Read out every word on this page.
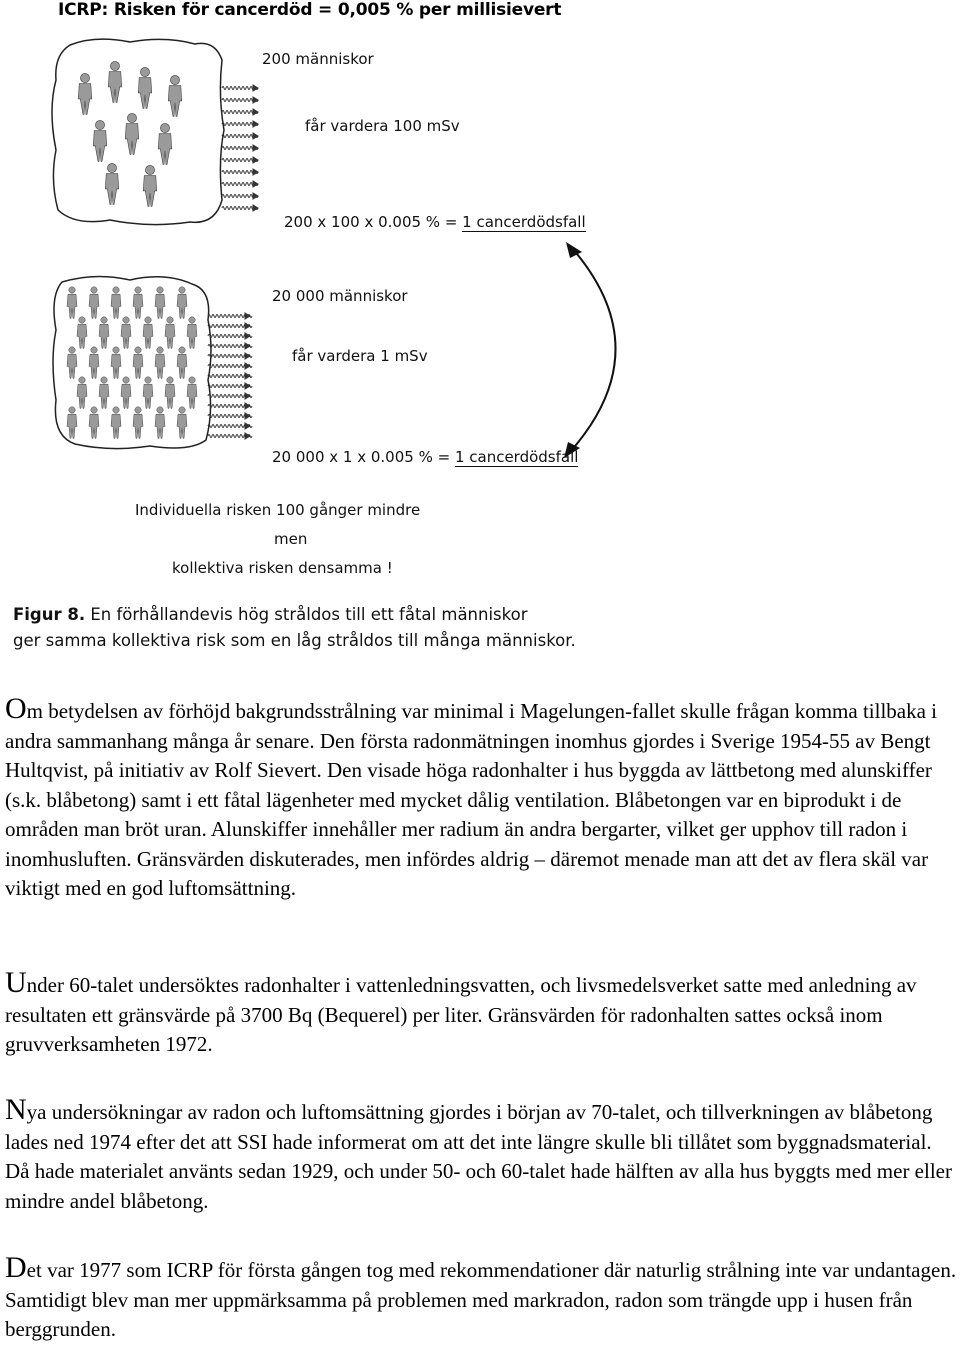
ICRP: Risken för cancerdöd = 0,005 % per millisievert
200 människor
får vardera 100 mSv
200 x 100 x 0.005 % = 1 cancerdödsfall
20 000 människor
får vardera 1 mSv
20 000 x 1 x 0.005 % = 1 cancerdödsfall
Individuella risken 100 gånger mindre
men
kollektiva risken densamma !
Figur 8. En förhållandevis hög stråldos till ett fåtal människor
ger samma kollektiva risk som en låg stråldos till många människor.

Om betydelsen av förhöjd bakgrundsstrålning var minimal i Magelungen-fallet skulle frågan komma tillbaka i andra sammanhang många år senare. Den första radonmätningen inomhus gjordes i Sverige 1954-55 av Bengt Hultqvist, på initiativ av Rolf Sievert. Den visade höga radonhalter i hus byggda av lättbetong med alunskiffer (s.k. blåbetong) samt i ett fåtal lägenheter med mycket dålig ventilation. Blåbetongen var en biprodukt i de områden man bröt uran. Alunskiffer innehåller mer radium än andra bergarter, vilket ger upphov till radon i inomhusluften. Gränsvärden diskuterades, men infördes aldrig – däremot menade man att det av flera skäl var viktigt med en god luftomsättning.

Under 60-talet undersöktes radonhalter i vattenledningsvatten, och livsmedelsverket satte med anledning av resultaten ett gränsvärde på 3700 Bq (Bequerel) per liter. Gränsvärden för radonhalten sattes också inom gruvverksamheten 1972.

Nya undersökningar av radon och luftomsättning gjordes i början av 70-talet, och tillverkningen av blåbetong lades ned 1974 efter det att SSI hade informerat om att det inte längre skulle bli tillåtet som byggnadsmaterial. Då hade materialet använts sedan 1929, och under 50- och 60-talet hade hälften av alla hus byggts med mer eller mindre andel blåbetong.

Det var 1977 som ICRP för första gången tog med rekommendationer där naturlig strålning inte var undantagen. Samtidigt blev man mer uppmärksamma på problemen med markradon, radon som trängde upp i husen från berggrunden.
